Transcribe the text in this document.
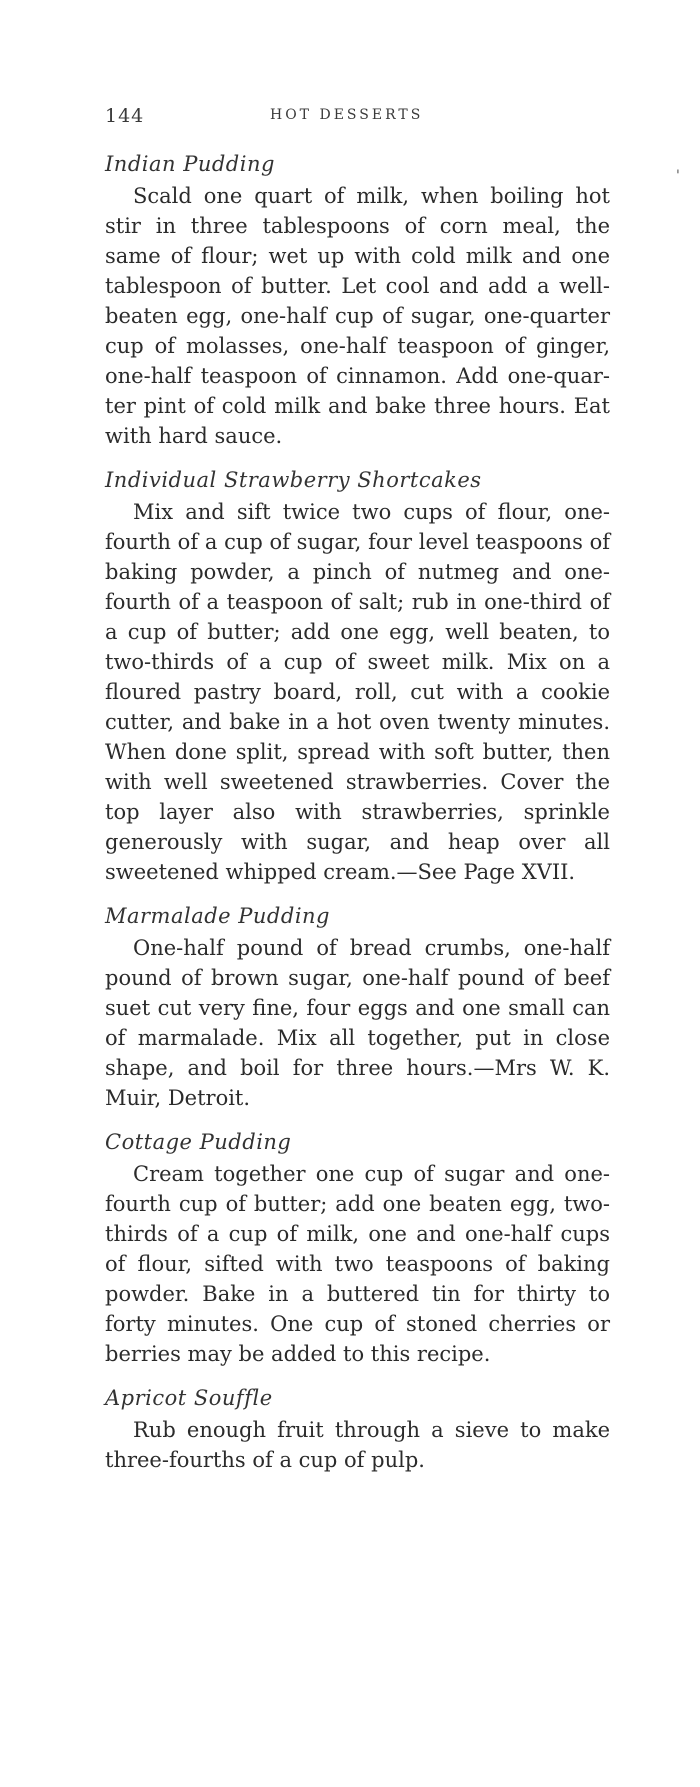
144	HOT DESSERTS
Indian Pudding

Scald one quart of milk, when boiling hot stir in three tablespoons of corn meal, the same of flour; wet up with cold milk and one tablespoon of butter. Let cool and add a well-beaten egg, one-half cup of sugar, one-quarter cup of molasses, one-half teaspoon of ginger, one-half teaspoon of cinnamon. Add one-quarter pint of cold milk and bake three hours. Eat with hard sauce.

Individual Strawberry Shortcakes

Mix and sift twice two cups of flour, one-fourth of a cup of sugar, four level teaspoons of baking powder, a pinch of nutmeg and one-fourth of a teaspoon of salt; rub in one-third of a cup of butter; add one egg, well beaten, to two-thirds of a cup of sweet milk. Mix on a floured pastry board, roll, cut with a cookie cutter, and bake in a hot oven twenty minutes. When done split, spread with soft butter, then with well sweetened strawberries. Cover the top layer also with strawberries, sprinkle generously with sugar, and heap over all sweetened whipped cream.—See Page XVII.

Marmalade Pudding

One-half pound of bread crumbs, one-half pound of brown sugar, one-half pound of beef suet cut very fine, four eggs and one small can of marmalade. Mix all together, put in close shape, and boil for three hours.—Mrs W. K. Muir, Detroit.

Cottage Pudding

Cream together one cup of sugar and one-fourth cup of butter; add one beaten egg, two-thirds of a cup of milk, one and one-half cups of flour, sifted with two teaspoons of baking powder. Bake in a buttered tin for thirty to forty minutes. One cup of stoned cherries or berries may be added to this recipe.

Apricot Souffle

Rub enough fruit through a sieve to make three-fourths of a cup of pulp.

'
